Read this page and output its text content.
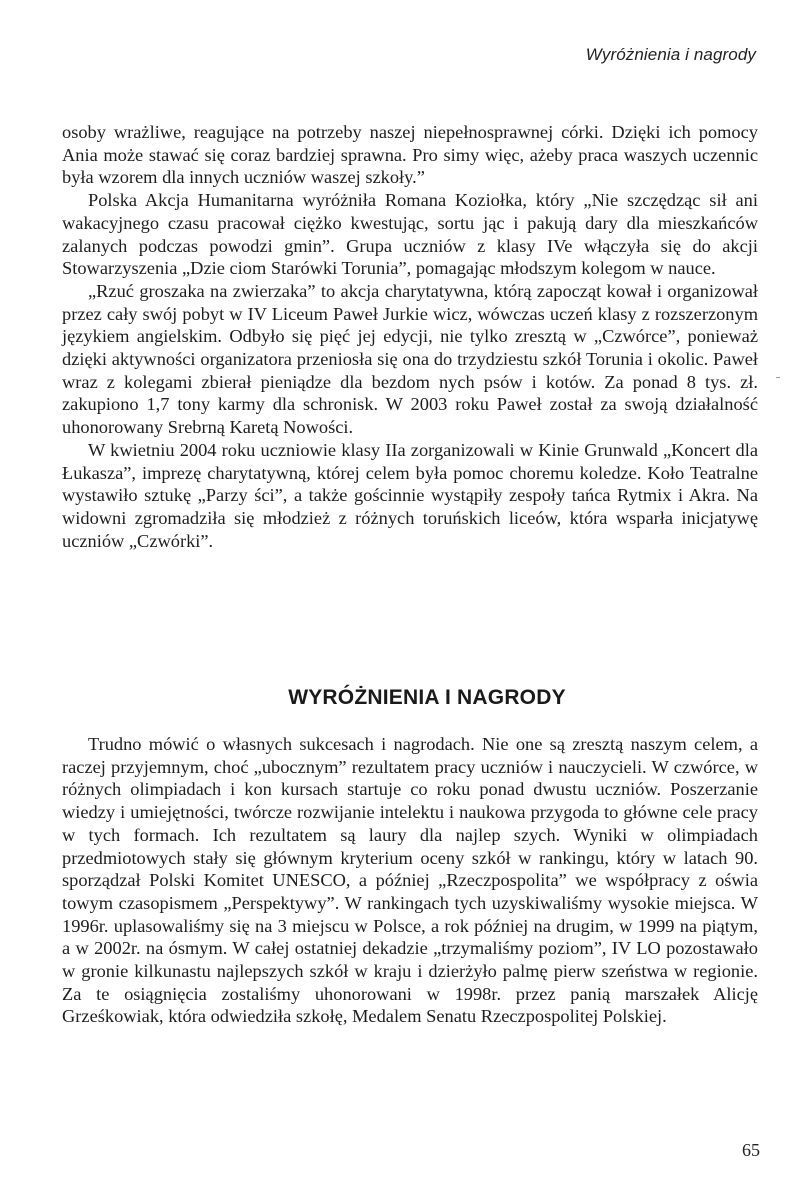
Wyróżnienia i nagrody

osoby wrażliwe, reagujące na potrzeby naszej niepełnosprawnej córki. Dzięki ich pomocy Ania może stawać się coraz bardziej sprawna. Pro simy więc, ażeby praca waszych uczennic była wzorem dla innych uczniów waszej szkoły.”

Polska Akcja Humanitarna wyróżniła Romana Koziołka, który „Nie szczędząc sił ani wakacyjnego czasu pracował ciężko kwestując, sortu jąc i pakują dary dla mieszkańców zalanych podczas powodzi gmin”. Grupa uczniów z klasy IVe włączyła się do akcji Stowarzyszenia „Dzie ciom Starówki Torunia”, pomagając młodszym kolegom w nauce.

„Rzuć groszaka na zwierzaka” to akcja charytatywna, którą zapocząt kował i organizował przez cały swój pobyt w IV Liceum Paweł Jurkie wicz, wówczas uczeń klasy z rozszerzonym językiem angielskim. Odbyło się pięć jej edycji, nie tylko zresztą w „Czwórce”, ponieważ dzięki aktywności organizatora przeniosła się ona do trzydziestu szkół Torunia i okolic. Paweł wraz z kolegami zbierał pieniądze dla bezdom nych psów i kotów. Za ponad 8 tys. zł. zakupiono 1,7 tony karmy dla schronisk. W 2003 roku Paweł został za swoją działalność uhonorowany Srebrną Karetą Nowości.

W kwietniu 2004 roku uczniowie klasy IIa zorganizowali w Kinie Grunwald „Koncert dla Łukasza”, imprezę charytatywną, której celem była pomoc choremu koledze. Koło Teatralne wystawiło sztukę „Parzy ści”, a także gościnnie wystąpiły zespoły tańca Rytmix i Akra. Na widowni zgromadziła się młodzież z różnych toruńskich liceów, która wsparła inicjatywę uczniów „Czwórki”.

WYRÓŻNIENIA I NAGRODY

Trudno mówić o własnych sukcesach i nagrodach. Nie one są zresztą naszym celem, a raczej przyjemnym, choć „ubocznym” rezultatem pracy uczniów i nauczycieli. W czwórce, w różnych olimpiadach i kon kursach startuje co roku ponad dwustu uczniów. Poszerzanie wiedzy i umiejętności, twórcze rozwijanie intelektu i naukowa przygoda to główne cele pracy w tych formach. Ich rezultatem są laury dla najlep szych. Wyniki w olimpiadach przedmiotowych stały się głównym kryterium oceny szkół w rankingu, który w latach 90. sporządzał Polski Komitet UNESCO, a później „Rzeczpospolita” we współpracy z oświa towym czasopismem „Perspektywy”. W rankingach tych uzyskiwaliśmy wysokie miejsca. W 1996r. uplasowaliśmy się na 3 miejscu w Polsce, a rok później na drugim, w 1999 na piątym, a w 2002r. na ósmym. W całej ostatniej dekadzie „trzymaliśmy poziom”, IV LO pozostawało w gronie kilkunastu najlepszych szkół w kraju i dzierżyło palmę pierw szeństwa w regionie. Za te osiągnięcia zostaliśmy uhonorowani w 1998r. przez panią marszałek Alicję Grześkowiak, która odwiedziła szkołę, Medalem Senatu Rzeczpospolitej Polskiej.

65
